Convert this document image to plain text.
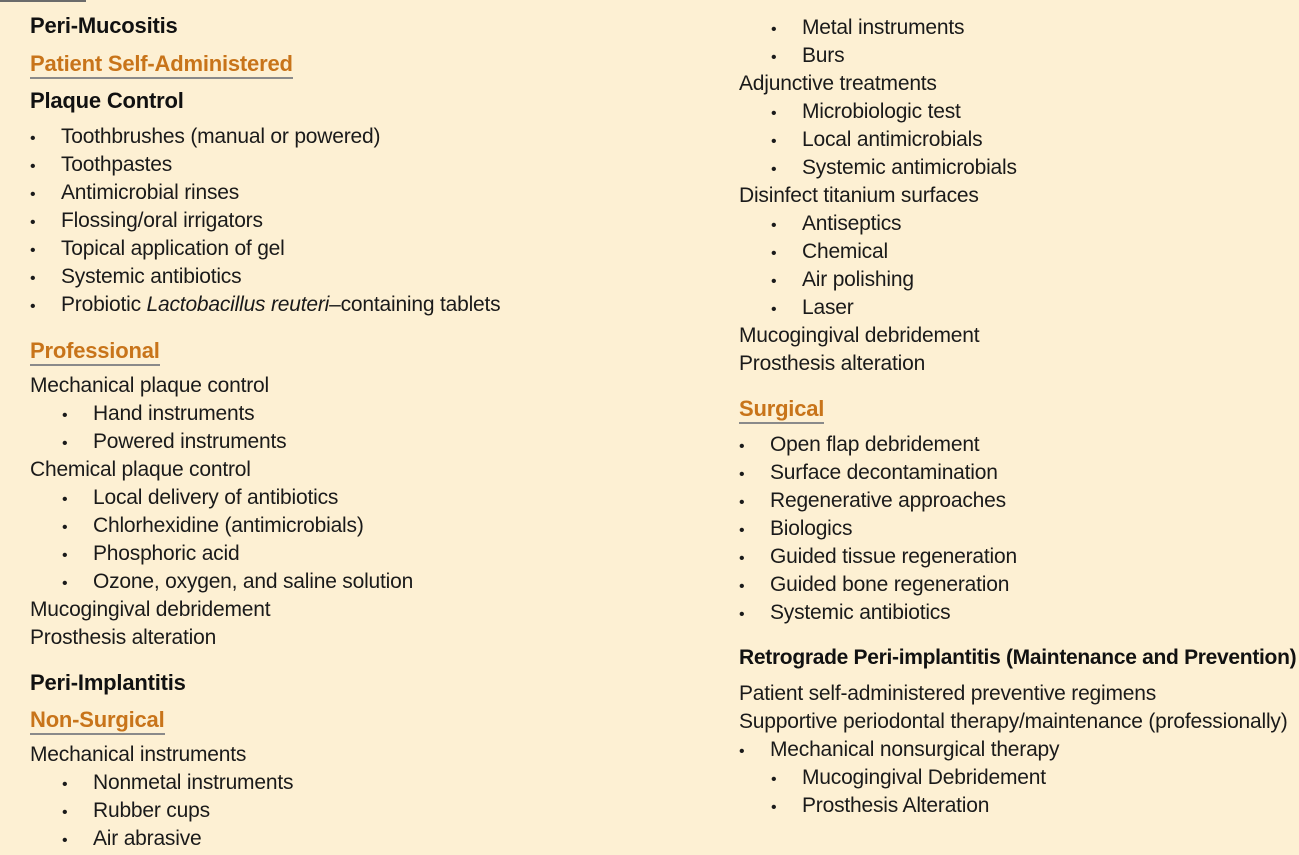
Peri-Mucositis
Patient Self-Administered
Plaque Control
•	Toothbrushes (manual or powered)
•	Toothpastes
•	Antimicrobial rinses
•	Flossing/oral irrigators
•	Topical application of gel
•	Systemic antibiotics
•	Probiotic Lactobacillus reuteri–containing tablets
Professional
Mechanical plaque control
•	Hand instruments
•	Powered instruments
Chemical plaque control
•	Local delivery of antibiotics
•	Chlorhexidine (antimicrobials)
•	Phosphoric acid
•	Ozone, oxygen, and saline solution
Mucogingival debridement
Prosthesis alteration
Peri-Implantitis
Non-Surgical
Mechanical instruments
•	Nonmetal instruments
•	Rubber cups
•	Air abrasive
•	Metal instruments
•	Burs
Adjunctive treatments
•	Microbiologic test
•	Local antimicrobials
•	Systemic antimicrobials
Disinfect titanium surfaces
•	Antiseptics
•	Chemical
•	Air polishing
•	Laser
Mucogingival debridement
Prosthesis alteration
Surgical
•	Open flap debridement
•	Surface decontamination
•	Regenerative approaches
•	Biologics
•	Guided tissue regeneration
•	Guided bone regeneration
•	Systemic antibiotics
Retrograde Peri-implantitis (Maintenance and Prevention)
Patient self-administered preventive regimens
Supportive periodontal therapy/maintenance (professionally)
•	Mechanical nonsurgical therapy
•	Mucogingival Debridement
•	Prosthesis Alteration
